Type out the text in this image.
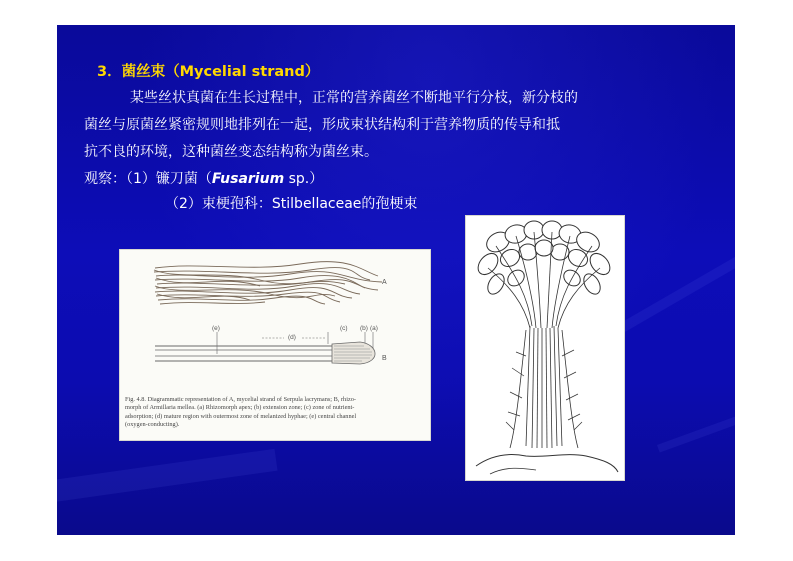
3．菌丝束（Mycelial strand）
某些丝状真菌在生长过程中，正常的营养菌丝不断地平行分枝，新分枝的
菌丝与原菌丝紧密规则地排列在一起，形成束状结构利于营养物质的传导和抵
抗不良的环境，这种菌丝变态结构称为菌丝束。
观察：（1）镰刀菌（Fusarium sp.）
（2）束梗孢科：Stilbellaceae的孢梗束
A
(e)
(d)
(c) (b) (a)
B
Fig. 4.8. Diagrammatic representation of A, mycelial strand of Serpula lacrymans; B, rhizo-
morph of Armillaria mellea. (a) Rhizomorph apex; (b) extension zone; (c) zone of nutrient-
adsorption; (d) mature region with outermost zone of melanized hyphae; (e) central channel
(oxygen-conducting).
